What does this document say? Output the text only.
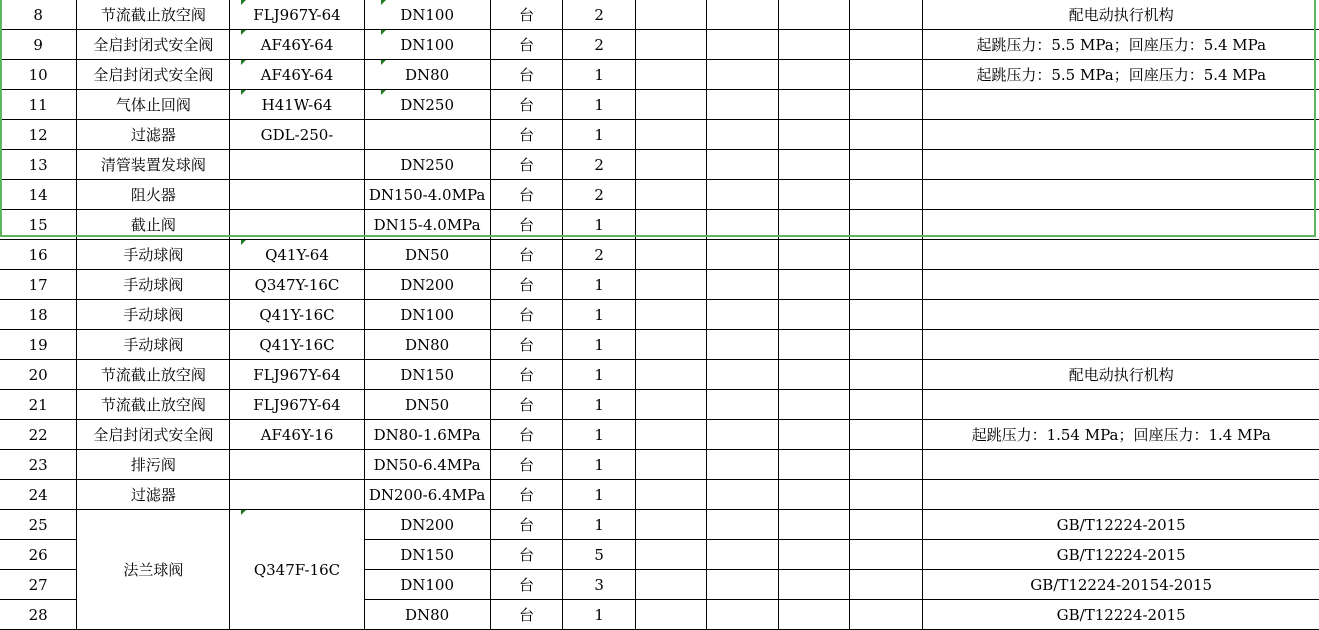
8	节流截止放空阀	FLJ967Y-64	DN100	台	2					配电动执行机构
9	全启封闭式安全阀	AF46Y-64	DN100	台	2					起跳压力：5.5 MPa；回座压力：5.4 MPa
10	全启封闭式安全阀	AF46Y-64	DN80	台	1					起跳压力：5.5 MPa；回座压力：5.4 MPa
11	气体止回阀	H41W-64	DN250	台	1					
12	过滤器	GDL-250-		台	1					
13	清管装置发球阀		DN250	台	2					
14	阻火器		DN150-4.0MPa	台	2					
15	截止阀		DN15-4.0MPa	台	1					
16	手动球阀	Q41Y-64	DN50	台	2					
17	手动球阀	Q347Y-16C	DN200	台	1					
18	手动球阀	Q41Y-16C	DN100	台	1					
19	手动球阀	Q41Y-16C	DN80	台	1					
20	节流截止放空阀	FLJ967Y-64	DN150	台	1					配电动执行机构
21	节流截止放空阀	FLJ967Y-64	DN50	台	1					
22	全启封闭式安全阀	AF46Y-16	DN80-1.6MPa	台	1					起跳压力：1.54 MPa；回座压力：1.4 MPa
23	排污阀		DN50-6.4MPa	台	1					
24	过滤器		DN200-6.4MPa	台	1					
25	法兰球阀	Q347F-16C	DN200	台	1					GB/T12224-2015
26			DN150	台	5					GB/T12224-2015
27			DN100	台	3					GB/T12224-20154-2015
28			DN80	台	1					GB/T12224-2015
